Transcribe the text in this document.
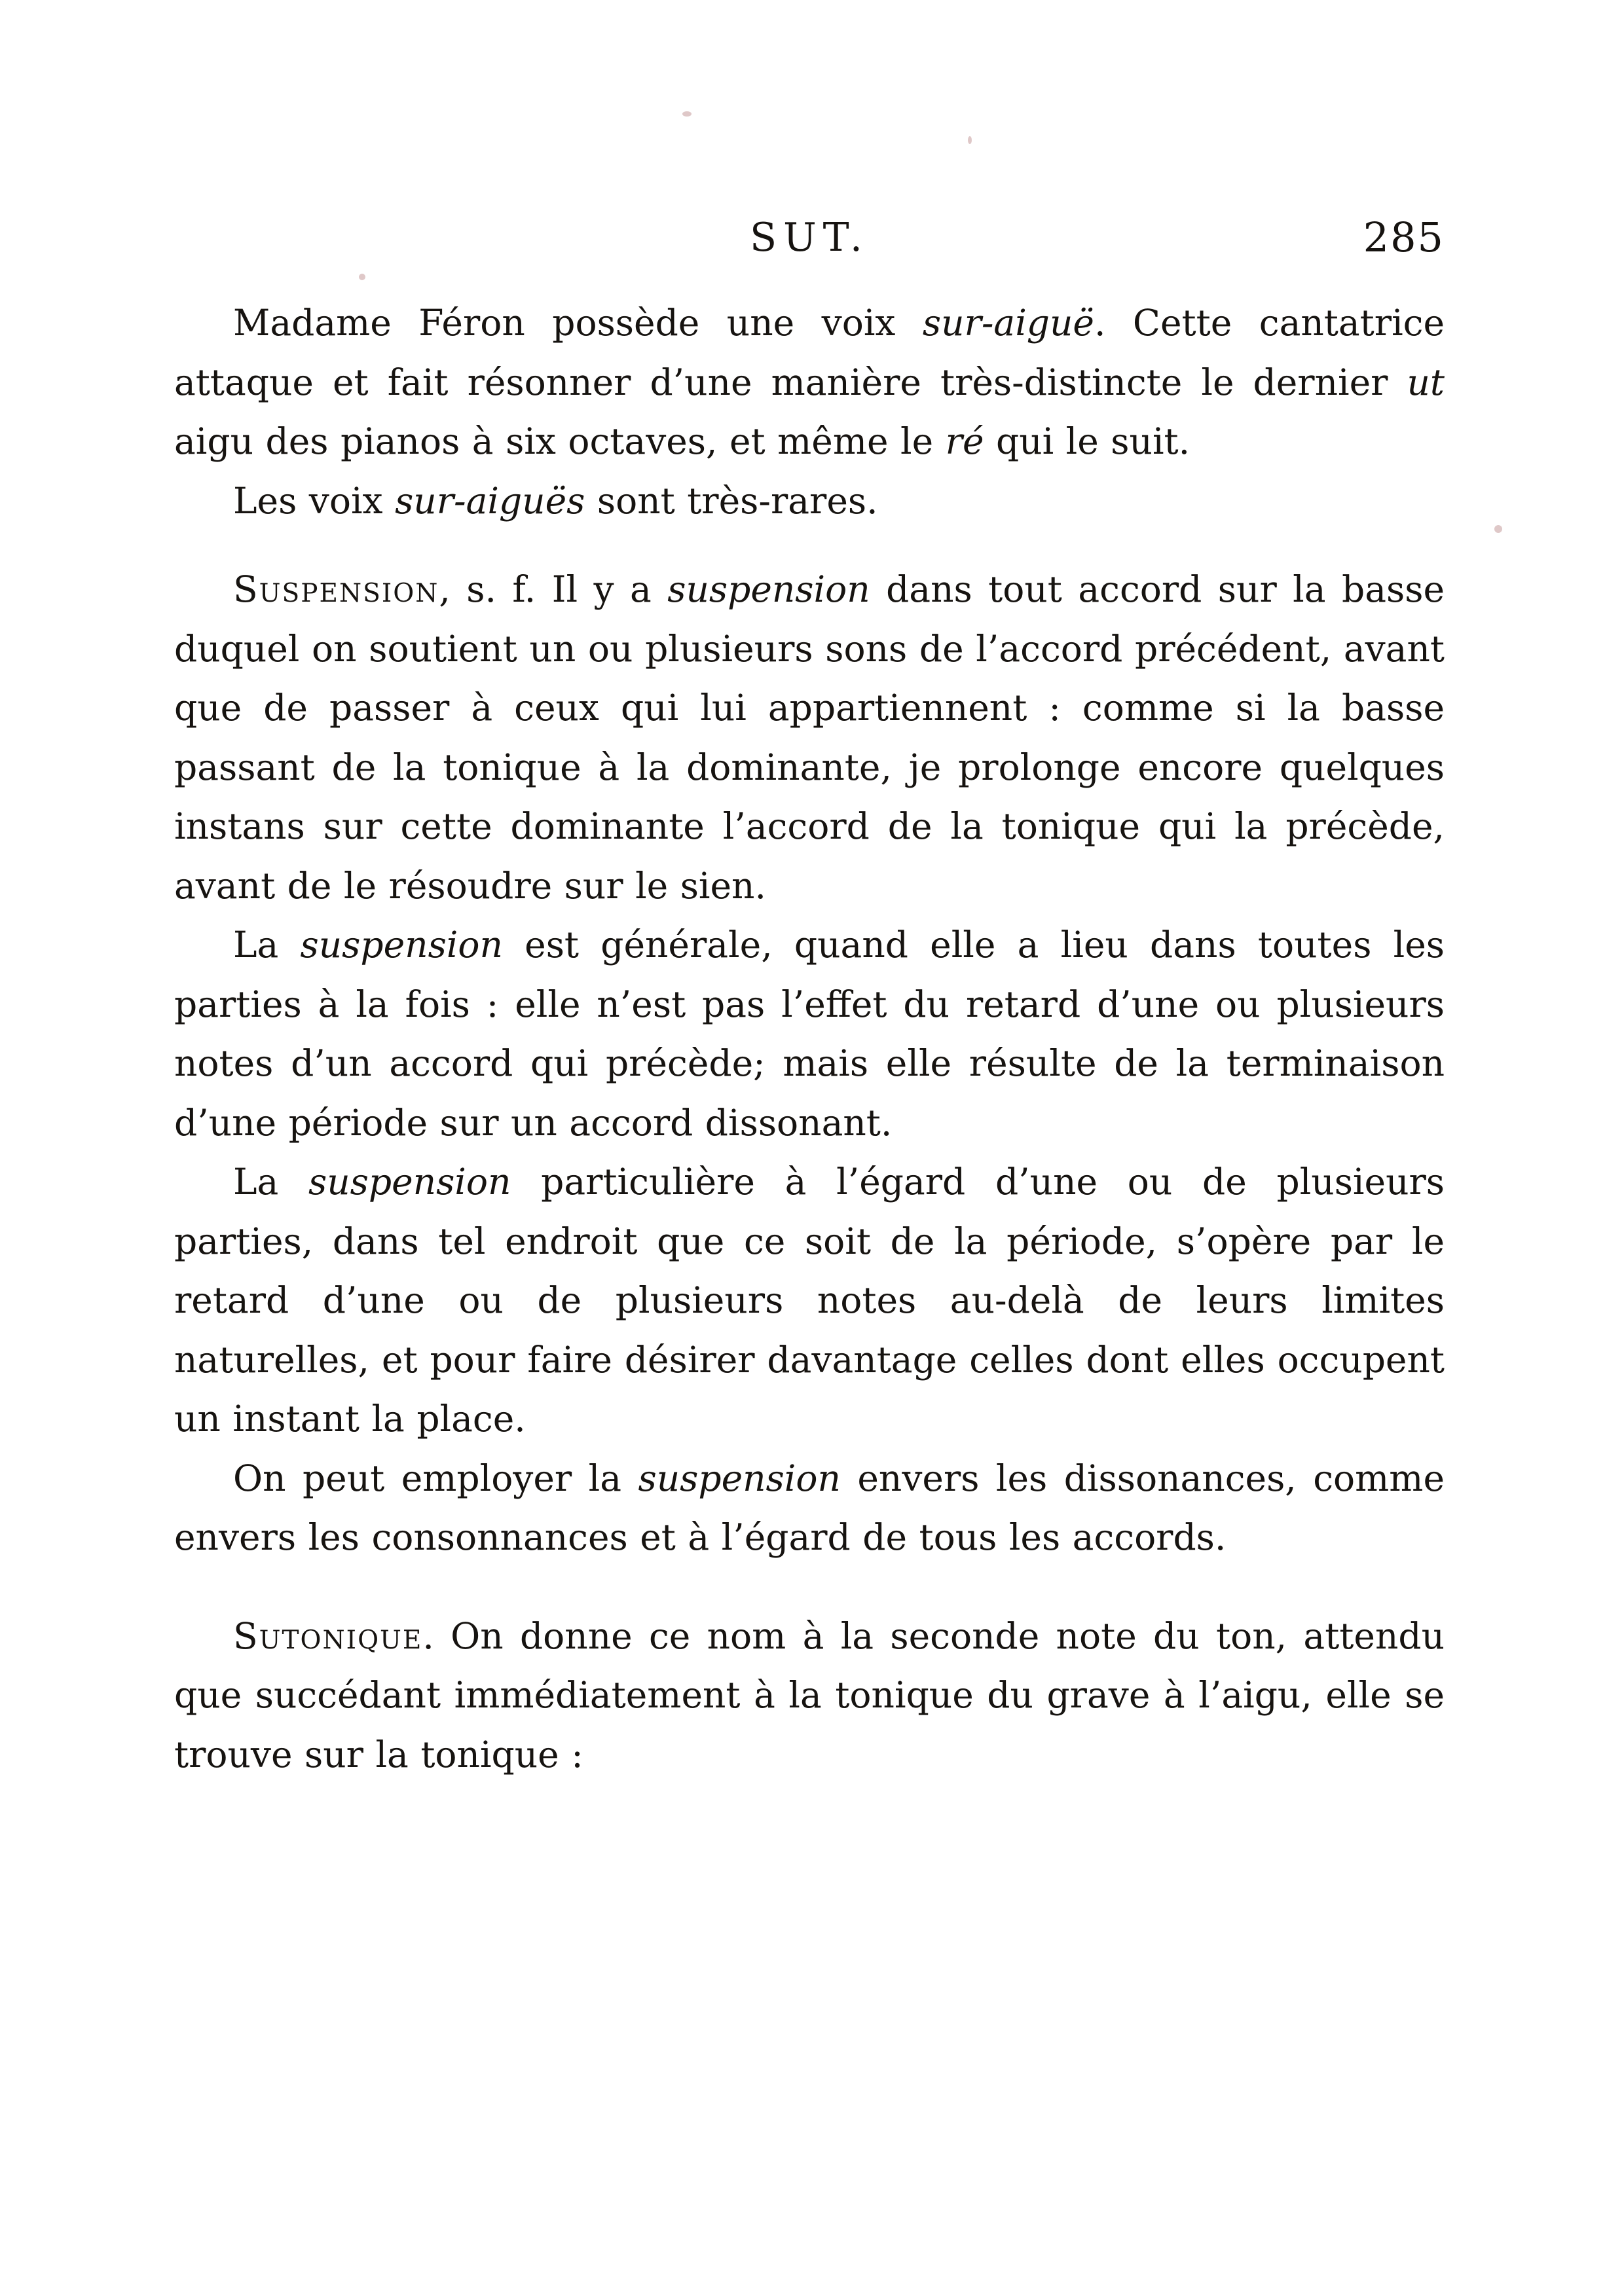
SUT.	285

Madame Féron possède une voix sur-aiguë. Cette cantatrice attaque et fait résonner d’une manière très-distincte le dernier ut aigu des pianos à six octaves, et même le ré qui le suit.

Les voix sur-aiguës sont très-rares.

Suspension, s. f. Il y a suspension dans tout accord sur la basse duquel on soutient un ou plusieurs sons de l’accord précédent, avant que de passer à ceux qui lui appartiennent : comme si la basse passant de la tonique à la dominante, je prolonge encore quelques instans sur cette dominante l’accord de la tonique qui la précède, avant de le résoudre sur le sien.

La suspension est générale, quand elle a lieu dans toutes les parties à la fois : elle n’est pas l’effet du retard d’une ou plusieurs notes d’un accord qui précède; mais elle résulte de la terminaison d’une période sur un accord dissonant.

La suspension particulière à l’égard d’une ou de plusieurs parties, dans tel endroit que ce soit de la période, s’opère par le retard d’une ou de plusieurs notes au-delà de leurs limites naturelles, et pour faire désirer davantage celles dont elles occupent un instant la place.

On peut employer la suspension envers les dissonances, comme envers les consonnances et à l’égard de tous les accords.

Sutonique. On donne ce nom à la seconde note du ton, attendu que succédant immédiatement à la tonique du grave à l’aigu, elle se trouve sur la tonique :
